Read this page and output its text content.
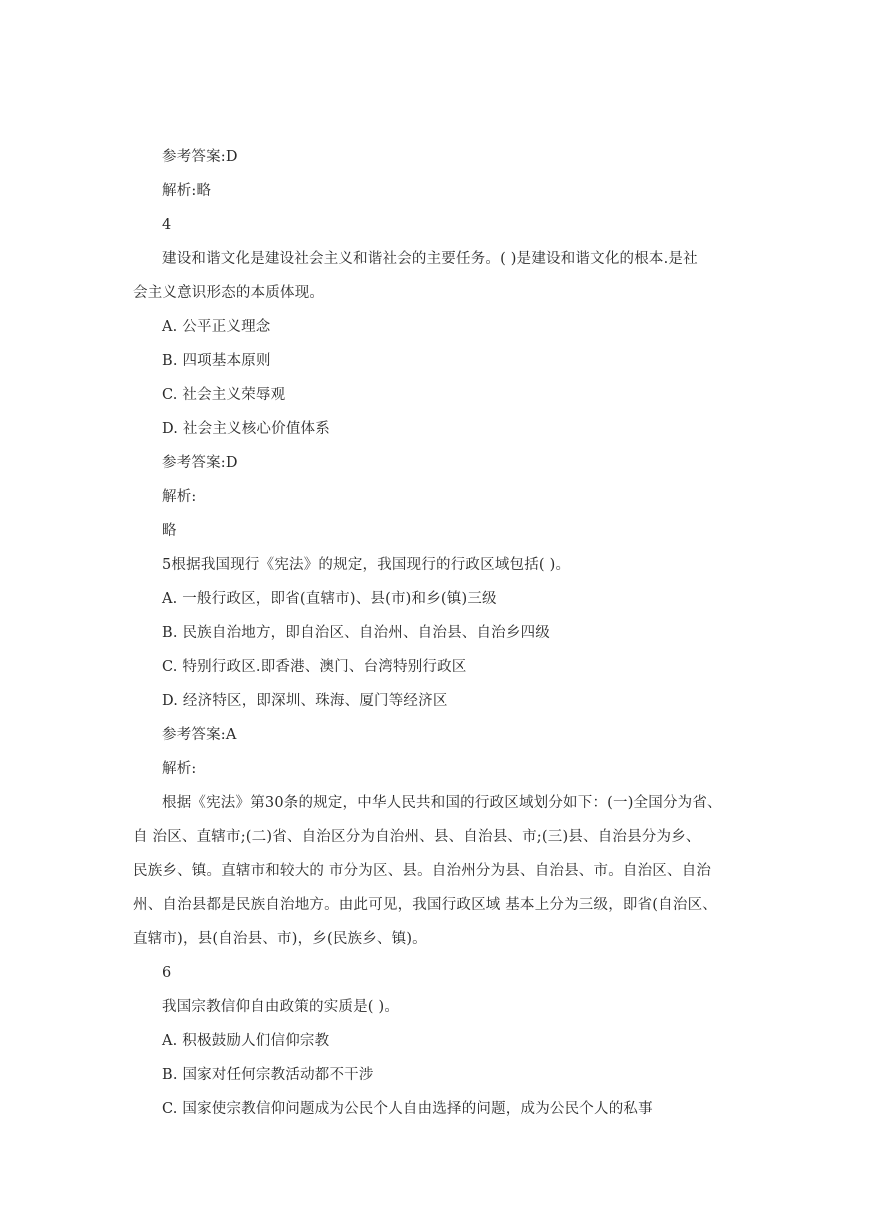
参考答案:D
解析:略
4
建设和谐文化是建设社会主义和谐社会的主要任务。( )是建设和谐文化的根本.是社
会主义意识形态的本质体现。
A. 公平正义理念
B. 四项基本原则
C. 社会主义荣辱观
D. 社会主义核心价值体系
参考答案:D
解析:
略
5根据我国现行《宪法》的规定，我国现行的行政区域包括( )。
A. 一般行政区，即省(直辖市)、县(市)和乡(镇)三级
B. 民族自治地方，即自治区、自治州、自治县、自治乡四级
C. 特别行政区.即香港、澳门、台湾特别行政区
D. 经济特区，即深圳、珠海、厦门等经济区
参考答案:A
解析:
根据《宪法》第30条的规定，中华人民共和国的行政区域划分如下：(一)全国分为省、
自 治区、直辖市;(二)省、自治区分为自治州、县、自治县、市;(三)县、自治县分为乡、
民族乡、镇。直辖市和较大的 市分为区、县。自治州分为县、自治县、市。自治区、自治
州、自治县都是民族自治地方。由此可见，我国行政区域 基本上分为三级，即省(自治区、
直辖市)，县(自治县、市)，乡(民族乡、镇)。
6
我国宗教信仰自由政策的实质是( )。
A. 积极鼓励人们信仰宗教
B. 国家对任何宗教活动都不干涉
C. 国家使宗教信仰问题成为公民个人自由选择的问题，成为公民个人的私事
